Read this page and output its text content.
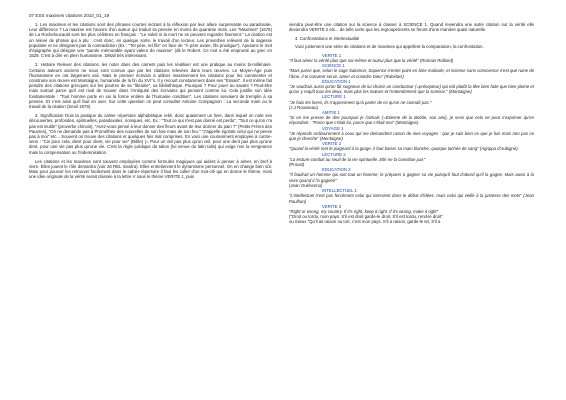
07 ESS maximes citations 2010_01_19

1. Les maximes et les citations sont des phrases courtes incitant à la réflexion par leur allure surprenante ou paradoxale. Leur différence ? La maxime est l'œuvre d'un auteur qui traduit sa pensée en moins de quarante mots. Les "Maximes" (1678) de La Rochefoucauld sont les plus célèbres en français : "Le soleil ni la mort ne se peuvent regarder fixement." La citation est un relevé de phrase qui a plu : c'est donc, en quelque sorte, le travail d'un lecteur. Les proverbes relèvent de la sagesse populaire et ne désignent pas la contradiction (Ex : "Tel père, tel fils" en face de "À père avare, fils prodigue"). Ajoutons le mot d'épigraphe qui désigne une "parole mémorable ayant valeur de maxime" (dit le Robert. Ce mot a été emprunté au grec en 1529. C'est à dire en plein humanisme. Détail très intéressant.

2. Histoire Relever des citations, les noter dans des carnets puis les réutiliser est une pratique au moins bi-millénaire. Certains auteurs anciens ne nous sont connus que par les citations relevées dans leurs œuvres. Le Moyen-Âge puis l'humanisme en ont largement usé. Mais le premier écrivain à utiliser massivement les citations pour les commenter et construire son œuvre est Montaigne, humaniste de la fin du XVI°s. Il y recourt constamment dans ses "Essais". Il est même fait peindre des citations grecques sur les poutres de sa "librairie", sa bibliothèque. Pourquoi ? Pour jouer au savant ? Peut-être mais surtout parce qu'il est rival de trouver dans l'Antiquité des écrivains qui pensent comme lui. Cela justifie son idée fondamentale : "Tout homme porte en soi la forme entière de l'humaine condition". Les citations servaient de tremplin à sa pensée. Et c'est ainsi qu'il faut en user. Sur cette question on peut consulter Antoine Compagnon : La seconde main ou le travail de la citation (Seuil 1979).

3. Signification Dois la pratique du cahier répertoire alphabétique relié, donc quasiment un livre, dans lequel on note ses découvertes, profondes, spirituelles, paradoxales, ironiques, etc. Ex : "Tout ce qui n'est pas donné est perdu", "Tout ce qu'on n'a pas est inutile" (proverbe chinois), "Avez-vous pensé à leur donner des fleurs avant de leur donner du pain ?" (Petits Frères des Pauvres), "On ne demande pas à Prométhée des nouvelles de son foie mais de son feu." "J'appelle égoïste celui qui ne pense pas à moi" etc... Souvent on trouve des citations et quelques fois mal comprises. En voici une couramment employée à contre-sens : "Cis pour cela, dient pour dient, vie pour vie" (Bible) (= Pour un œil pas plus qu'un œil, pour une dent pas plus qu'une dent, pour une vie pas plus qu'une vie. C'est la règle juridique du talion (loi venue du latin talis) qui exige non la vengeance mais la compensation ou l'indemnisation.

Les citations et les maximes sont souvent employées comme formules magiques qui aident à penser à aimer, en bref à vivre. Elles jouent le rôle demantra (voir 26 REL mantra). Elles entretiennent le dynamisme personnel. On en change bien sûr. Mais pour pouvoir les retrouver facilement dans le cahier-répertoire il faut les coller d'un mot-clé qui en donne le thème. Ainsi une idée originale de la vérité serait classée à la lettre V sous le thème VERITE 1, puis

viendra peut-être une citation sur la science à classer à SCIENCE 1. Quand reviendra une autre citation sur la vérité elle deviendra VERITE 2 etc... de telle sorte que les regroupements se feront d'une manière quasi naturelle.

4. Confrontations et intertextualité

Voici justement une série de citations et de maximes qui appellent la comparaison, la confrontation.

VERITE 1

"Il faut aimer la vérité plus que soi-même et autrui plus que la vérité" (Romain Rolland)

SCIENCE 1

"Mais parce que, selon le sage Salomon, Sapience n'entre point en âme malivole, et science sans conscience n'est que ruine de l'âme, il te convient servir, aimer et craindre Dieu" (Rabelais)

EDUCATION 1

"Je voudrais aussi qu'on fût soigneux de lui choisir un conducteur (=précepteur) qui eût plutôt la tête bien faite que bien pleine et qu'on y requît tous les deux, mais plus les mœurs et l'entendement que la science." (Montaigne)

LECTURE 1

"Je hais les livres, ils n'apprennent qu'à parler de ce qu'on ne connaît pas."

(J.J Rousseau)

AMITIE 1

"Si on me presse de dire pourquoi je l'aimais (=Etienne de la Boétie, son ami), je sens que cela ne peut s'exprimer qu'en répondant : "Parce que c'était lui, parce que c'était moi" (Montaigne)

VOYAGE 1

"Je réponds ordinairement à ceux qui me demandent raison de mes voyages : que je sais bien ce que je fuis mais non pas ce que je cherche" (Montaigne)

VERITE 2

"Quand la vérité met le poignard à la gorge, il faut baiser sa main blanche, quoique tachée de sang" (Agrippa d'Aubigné).

LECTURE 2

"La lecture conduit au seuil de la vie spirituelle. Elle ne la constitue pas"

(Proust)

EDUCATION 2

"Il faudrait un homme qui sort tout un homme, le préparer à gagner sa vie puisqu'il faut d'abord qu'il la gagne. Mais aussi à la vivre quand il l'a gagnée"

(Jean Guéhenno)

INTELLECTUEL 1

"L'intellectuel n'est pas forcément celui qui intervient dans le débat d'idées, mais celui qui veille à la justesse des mots" (Jean Paulhan)

VERITE 3

"Right or wrong, my country. If it's right, keep it right. If it's wrong, make it right"

("Droit ou tordu, mon pays. S'il est droit garde-le droit. S'il est tordu, rend-le droit"

ou mieux "Qu'il ait raison ou tort, c'est mon pays. S'il a raison, garde-le tel, S'il a
